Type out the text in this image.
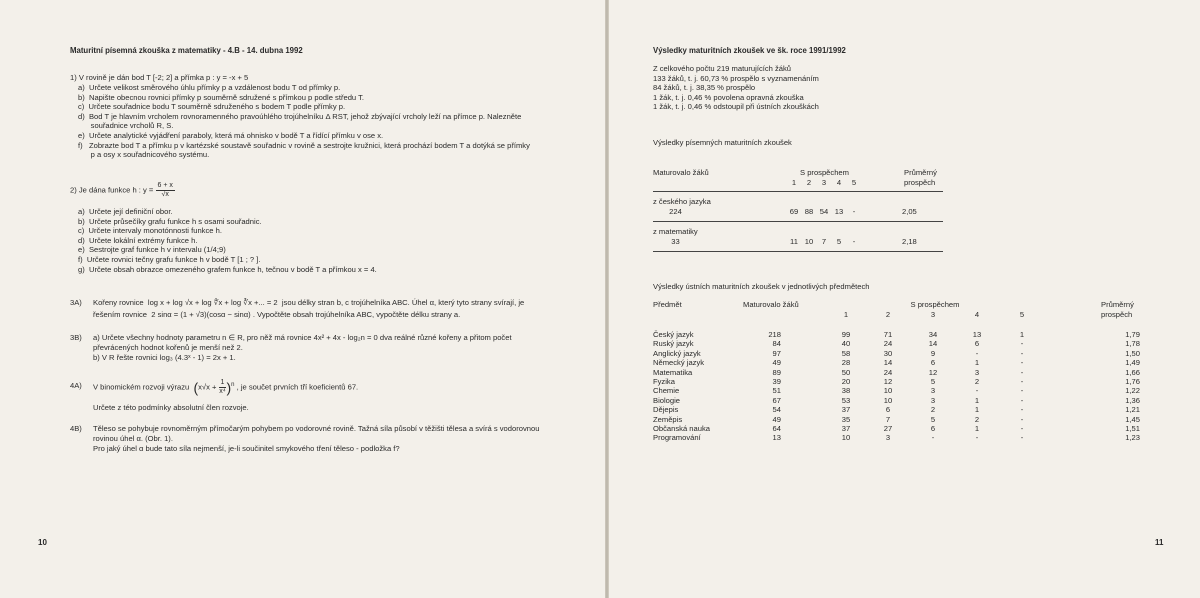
Maturitní písemná zkouška z matematiky - 4.B - 14. dubna 1992
1) V rovině je dán bod T [-2; 2] a přímka p : y = -x + 5
a)  Určete velikost směrového úhlu přímky p a vzdálenost bodu T od přímky p.
b)  Napište obecnou rovnici přímky p souměrně sdružené s přímkou p podle středu T.
c)  Určete souřadnice bodu T souměrně sdruženého s bodem T podle přímky p.
d)  Bod T je hlavním vrcholem rovnoramenného pravoúhlého trojúhelníku Δ RST, jehož zbývající vrcholy leží na přímce p. Nalezněte
souřadnice vrcholů R, S.
e)  Určete analytické vyjádření paraboly, která má ohnisko v bodě T a řídící přímku v ose x.
f)   Zobrazte bod T a přímku p v kartézské soustavě souřadnic v rovině a sestrojte kružnici, která prochází bodem T a dotýká se přímky
p a osy x souřadnicového systému.
2) Je dána funkce h : $y = \frac{6 + x}{√x}$
a)  Určete její definiční obor.
b)  Určete průsečíky grafu funkce h s osami souřadnic.
c)  Určete intervaly monotónnosti funkce h.
d)  Určete lokální extrémy funkce h.
e)  Sestrojte graf funkce h v intervalu (1/4;9)
f)  Určete rovnici tečny grafu funkce h v bodě T [1 ; ? ].
g)  Určete obsah obrazce omezeného grafem funkce h, tečnou v bodě T a přímkou x = 4.
3A) Kořeny rovnice log x + log √x + log ∜x + log ∛x +... = 2 jsou délky stran b, c trojúhelníka ABC. Úhel α, který tyto strany svírají, je
řešením rovnice 2 sinα = (1 + √3)(cosα − sinα) . Vypočtěte obsah trojúhelníka ABC, vypočtěte délku strany a.
3B) a) Určete všechny hodnoty parametru n ∈ R, pro něž má rovnice 4x² + 4x - log₂n = 0 dva reálné různé kořeny a přitom počet
převrácených hodnot kořenů je menší než 2.
b) V R řešte rovnici log₃ (4.3ˣ - 1) = 2x + 1.
4A) V binomickém rozvoji výrazu $(x√x + \frac{1}{\text{x⁴}} )^n$ , je součet prvních tří koeficientů 67.
Určete z této podmínky absolutní člen rozvoje.
4B) Těleso se pohybuje rovnoměrným přímočarým pohybem po vodorovné rovině. Tažná síla působí v těžišti tělesa a svírá s vodorovnou
rovinou úhel α. (Obr. 1).
Pro jaký úhel α bude tato síla nejmenší, je-li součinitel smykového tření těleso - podložka f?
10
Výsledky maturitních zkoušek ve šk. roce 1991/1992
Z celkového počtu 219 maturujících žáků
133 žáků, t. j. 60,73 % prospělo s vyznamenáním
84 žáků, t. j. 38,35 % prospělo
1 žák, t. j. 0,46 % povolena opravná zkouška
1 žák, t. j. 0,46 % odstoupil při ústních zkouškách
Výsledky písemných maturitních zkoušek
Maturovalo žáků	S prospěchem	Průměrný
prospěch
1	2	3	4	5
z českého jazyka
224	69 88 54 13	-	2,05
z matematiky
33	11 10	7	5	-	2,18
Výsledky ústních maturitních zkoušek v jednotlivých předmětech
Předmět	Maturovalo žáků	S prospěchem	Průměrný
prospěch
1	2	3	4	5
Český jazyk	218	99	71	34	13	1	1,79
Ruský jazyk	84	40	24	14	6	-	1,78
Anglický jazyk	97	58	30	9	-	-	1,50
Německý jazyk	49	28	14	6	1	-	1,49
Matematika	89	50	24	12	3	-	1,66
Fyzika	39	20	12	5	2	-	1,76
Chemie	51	38	10	3	-	-	1,22
Biologie	67	53	10	3	1	-	1,36
Dějepis	54	37	6	2	1	-	1,21
Zeměpis	49	35	7	5	2	-	1,45
Občanská nauka	64	37	27	6	1	-	1,51
Programování	13	10	3	-	-	-	1,23
11
